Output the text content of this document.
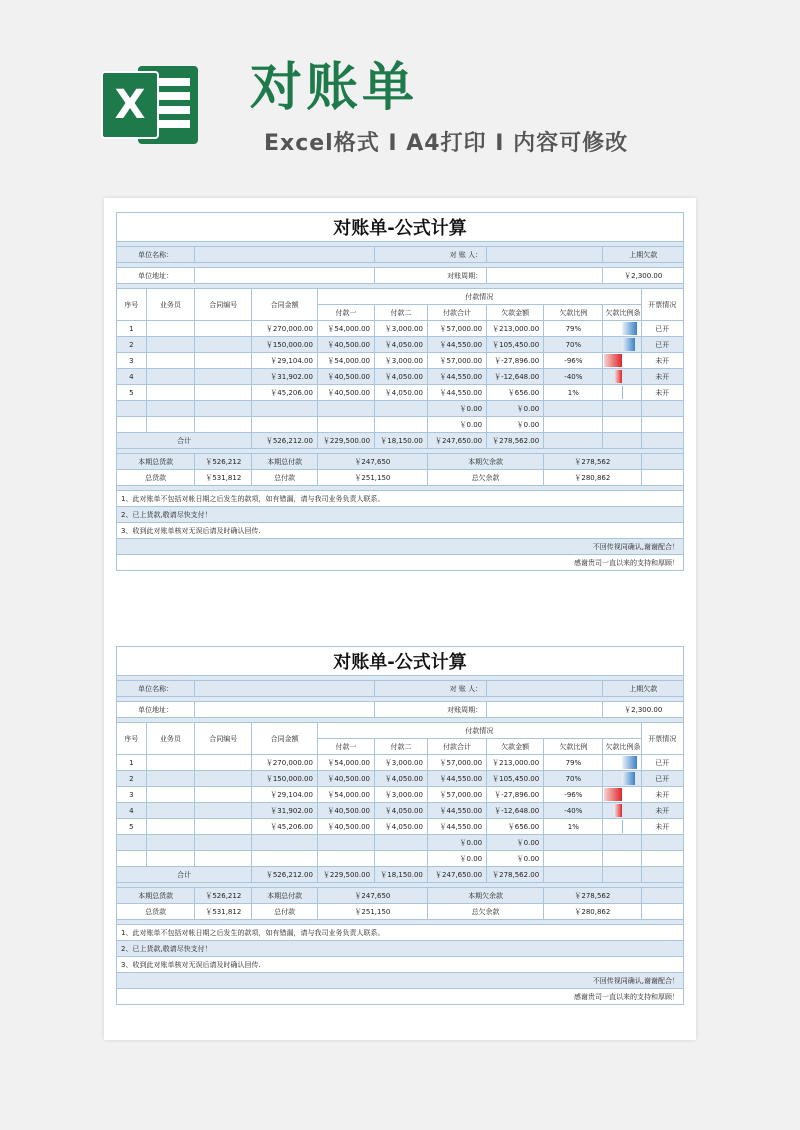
X 对账单
Excel格式 Ⅰ A4打印 Ⅰ 内容可修改
对账单-公式计算										

单位名称：					对 账 人：				上期欠款	

单位地址：					对账周期：				￥2,300.00	

序号	业务员	合同编号	合同金额	付款情况						开票情况
				付款一	付款二	付款合计	欠款金额	欠款比例	欠款比例条	
1			￥270,000.00	￥54,000.00	￥3,000.00	￥57,000.00	￥213,000.00	79%		已开
2			￥150,000.00	￥40,500.00	￥4,050.00	￥44,550.00	￥105,450.00	70%		已开
3			￥29,104.00	￥54,000.00	￥3,000.00	￥57,000.00	￥-27,896.00	-96%		未开
4			￥31,902.00	￥40,500.00	￥4,050.00	￥44,550.00	￥-12,648.00	-40%		未开
5			￥45,206.00	￥40,500.00	￥4,050.00	￥44,550.00	￥656.00	1%		未开
						￥0.00	￥0.00			
						￥0.00	￥0.00			
合计			￥526,212.00	￥229,500.00	￥18,150.00	￥247,650.00	￥278,562.00			

本期总货款		￥526,212	本期总付款	￥247,650		本期欠余款		￥278,562		
总货款		￥531,812	总付款	￥251,150		总欠余款		￥280,862		

1、此对账单不包括对帐日期之后发生的款项，如有错漏，请与我司业务负责人联系。										
2、已上货款,敬请尽快支付！										
3、收到此对账单核对无误后请及时确认回传.										
不回传视同确认,谢谢配合！										
感谢贵司一直以来的支持和厚顾！										
对账单-公式计算										

单位名称：					对 账 人：				上期欠款	

单位地址：					对账周期：				￥2,300.00	

序号	业务员	合同编号	合同金额	付款情况						开票情况
				付款一	付款二	付款合计	欠款金额	欠款比例	欠款比例条	
1			￥270,000.00	￥54,000.00	￥3,000.00	￥57,000.00	￥213,000.00	79%		已开
2			￥150,000.00	￥40,500.00	￥4,050.00	￥44,550.00	￥105,450.00	70%		已开
3			￥29,104.00	￥54,000.00	￥3,000.00	￥57,000.00	￥-27,896.00	-96%		未开
4			￥31,902.00	￥40,500.00	￥4,050.00	￥44,550.00	￥-12,648.00	-40%		未开
5			￥45,206.00	￥40,500.00	￥4,050.00	￥44,550.00	￥656.00	1%		未开
						￥0.00	￥0.00			
						￥0.00	￥0.00			
合计			￥526,212.00	￥229,500.00	￥18,150.00	￥247,650.00	￥278,562.00			

本期总货款		￥526,212	本期总付款	￥247,650		本期欠余款		￥278,562		
总货款		￥531,812	总付款	￥251,150		总欠余款		￥280,862		

1、此对账单不包括对帐日期之后发生的款项，如有错漏，请与我司业务负责人联系。										
2、已上货款,敬请尽快支付！										
3、收到此对账单核对无误后请及时确认回传.										
不回传视同确认,谢谢配合！										
感谢贵司一直以来的支持和厚顾！										
